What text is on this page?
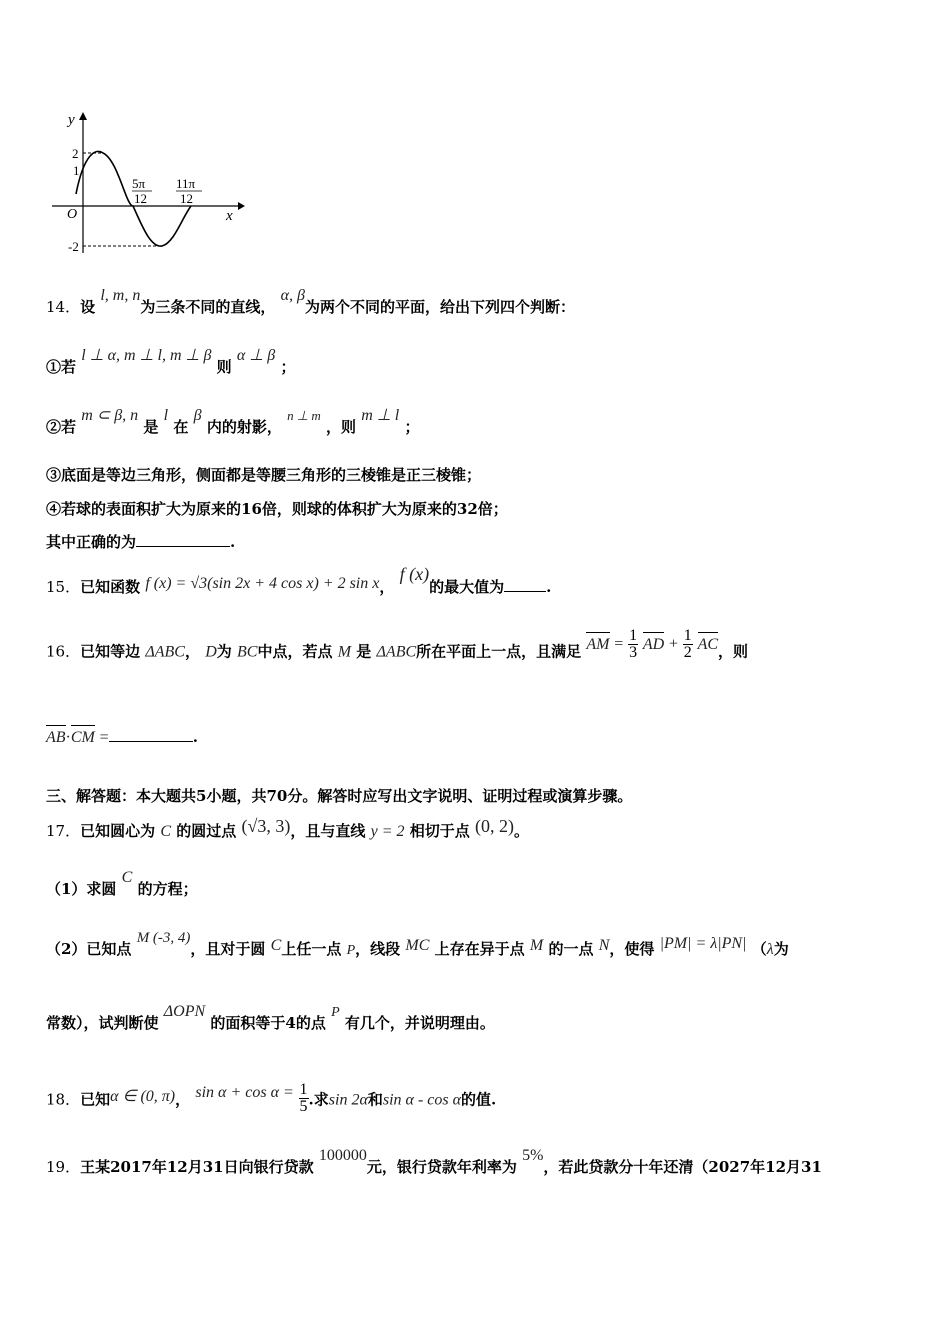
y
x
O
2
1
-2
5π
12
11π
12
14．设 l, m, n为三条不同的直线， α, β为两个不同的平面，给出下列四个判断：
①若 l ⊥ α, m ⊥ l, m ⊥ β 则 α ⊥ β ；
②若 m ⊂ β, n 是 l 在 β 内的射影， n ⊥ m ，则 m ⊥ l ；
③底面是等边三角形，侧面都是等腰三角形的三棱锥是正三棱锥；
④若球的表面积扩大为原来的16倍，则球的体积扩大为原来的32倍；
其中正确的为	.
15．已知函数 f (x) = √3(sin 2x + 4 cos x) + 2 sin x， f (x)的最大值为	.
16．已知等边 ΔABC， D为 BC中点，若点 M 是 ΔABC所在平面上一点，且满足 AM = $\frac{1}{3}$ AD + $\frac{1}{2}$ AC，则
AB·CM =	.
三、解答题：本大题共5小题，共70分。解答时应写出文字说明、证明过程或演算步骤。
17．已知圆心为 C 的圆过点 (√3, 3)，且与直线 y = 2 相切于点 (0, 2)。
（1）求圆 C 的方程；
（2）已知点 M (-3, 4)，且对于圆 C上任一点 P，线段 MC 上存在异于点 M 的一点 N，使得 |PM| = λ|PN| （λ为
常数），试判断使 ΔOPN 的面积等于4的点 P 有几个，并说明理由。
18．已知α ∈ (0, π)， $\sin \alpha + \cos \alpha = \frac{1}{5}$ .求sin 2α和sin α - cos α的值.
19．王某2017年12月31日向银行贷款 100000元，银行贷款年利率为 5%，若此贷款分十年还清（2027年12月31
